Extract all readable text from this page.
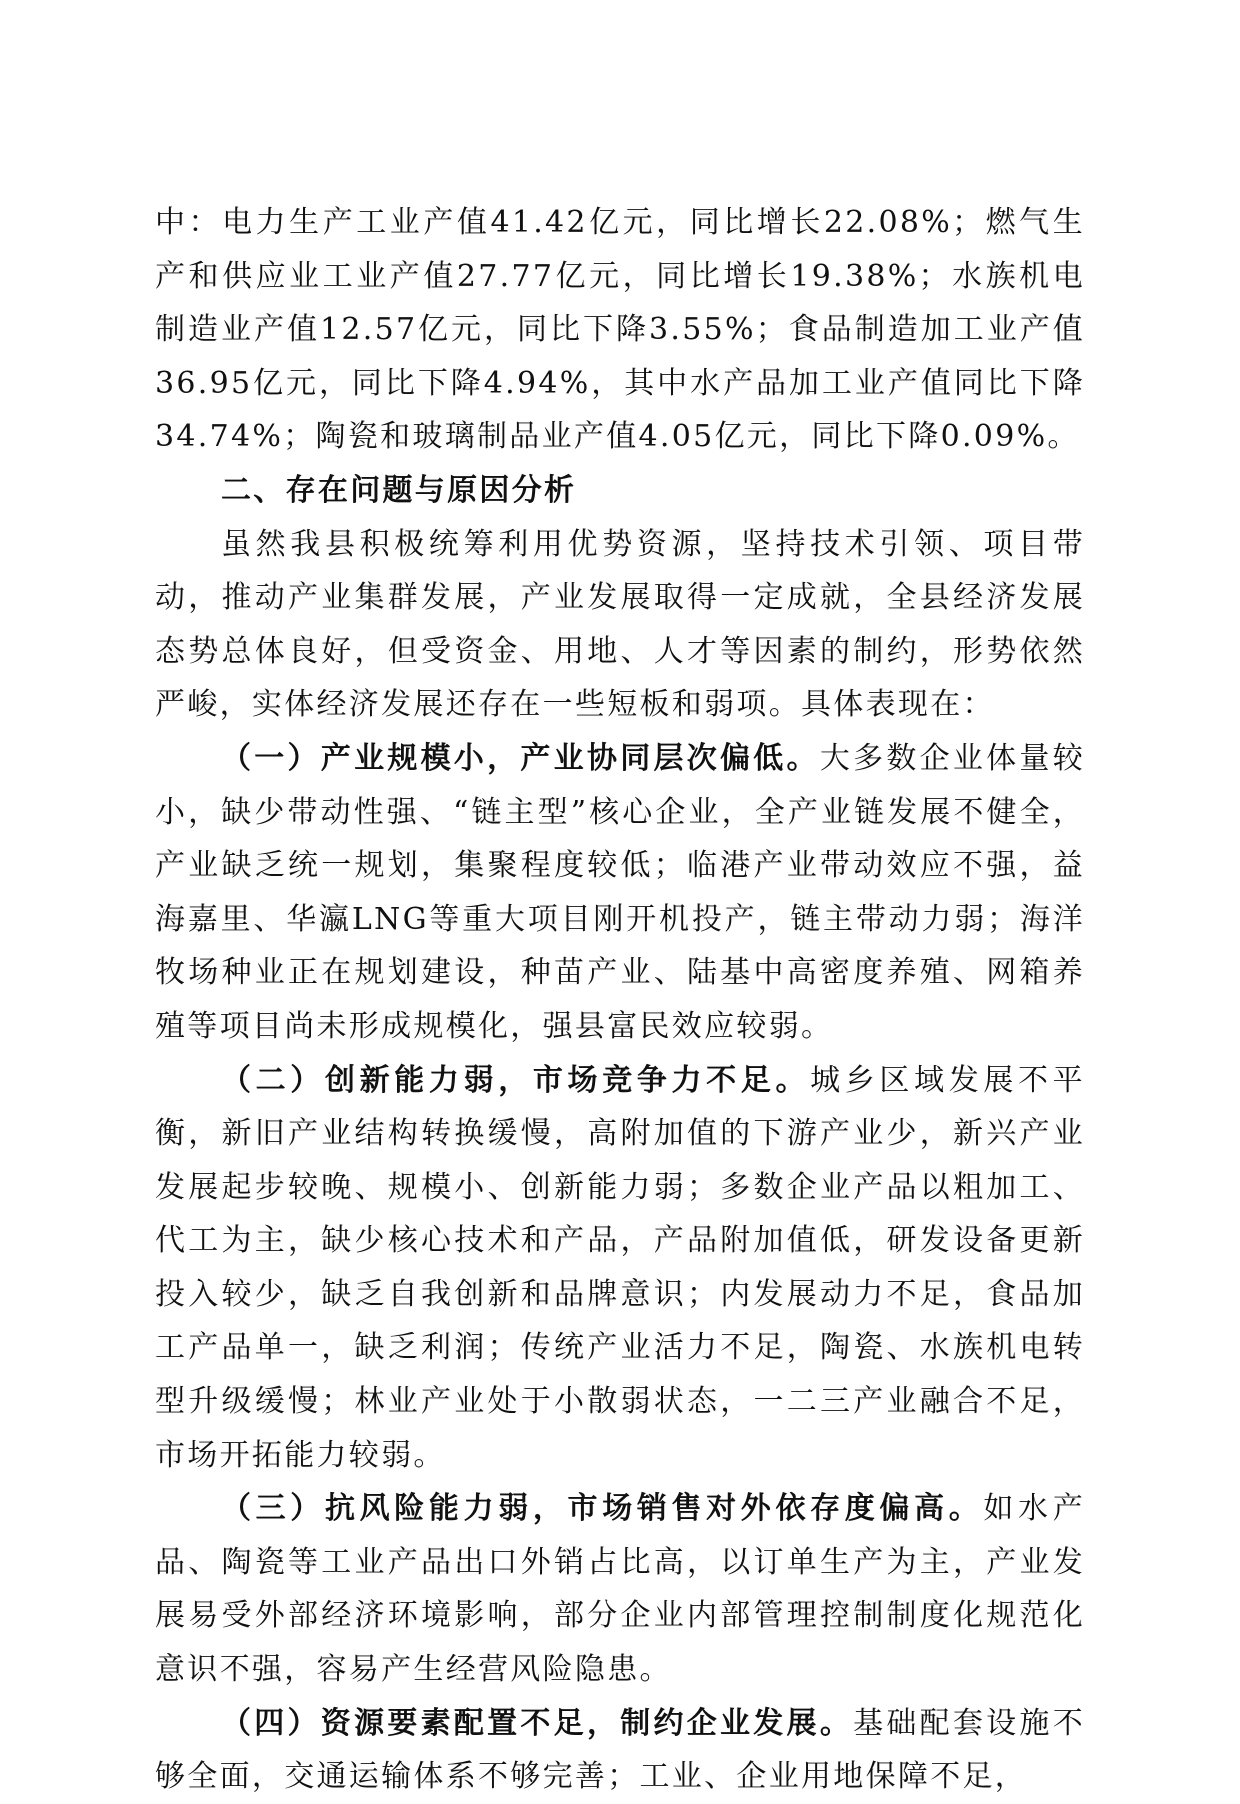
中：电力生产工业产值41.42亿元，同比增长22.08%；燃气生产和供应业工业产值27.77亿元，同比增长19.38%；水族机电制造业产值12.57亿元，同比下降3.55%；食品制造加工业产值36.95亿元，同比下降4.94%，其中水产品加工业产值同比下降34.74%；陶瓷和玻璃制品业产值4.05亿元，同比下降0.09%。

二、存在问题与原因分析

虽然我县积极统筹利用优势资源，坚持技术引领、项目带动，推动产业集群发展，产业发展取得一定成就，全县经济发展态势总体良好，但受资金、用地、人才等因素的制约，形势依然严峻，实体经济发展还存在一些短板和弱项。具体表现在：

（一）产业规模小，产业协同层次偏低。大多数企业体量较小，缺少带动性强、“链主型”核心企业，全产业链发展不健全，产业缺乏统一规划，集聚程度较低；临港产业带动效应不强，益海嘉里、华瀛LNG等重大项目刚开机投产，链主带动力弱；海洋牧场种业正在规划建设，种苗产业、陆基中高密度养殖、网箱养殖等项目尚未形成规模化，强县富民效应较弱。

（二）创新能力弱，市场竞争力不足。城乡区域发展不平衡，新旧产业结构转换缓慢，高附加值的下游产业少，新兴产业发展起步较晚、规模小、创新能力弱；多数企业产品以粗加工、代工为主，缺少核心技术和产品，产品附加值低，研发设备更新投入较少，缺乏自我创新和品牌意识；内发展动力不足，食品加工产品单一，缺乏利润；传统产业活力不足，陶瓷、水族机电转型升级缓慢；林业产业处于小散弱状态，一二三产业融合不足，市场开拓能力较弱。

（三）抗风险能力弱，市场销售对外依存度偏高。如水产品、陶瓷等工业产品出口外销占比高，以订单生产为主，产业发展易受外部经济环境影响，部分企业内部管理控制制度化规范化意识不强，容易产生经营风险隐患。

（四）资源要素配置不足，制约企业发展。基础配套设施不够全面，交通运输体系不够完善；工业、企业用地保障不足，
